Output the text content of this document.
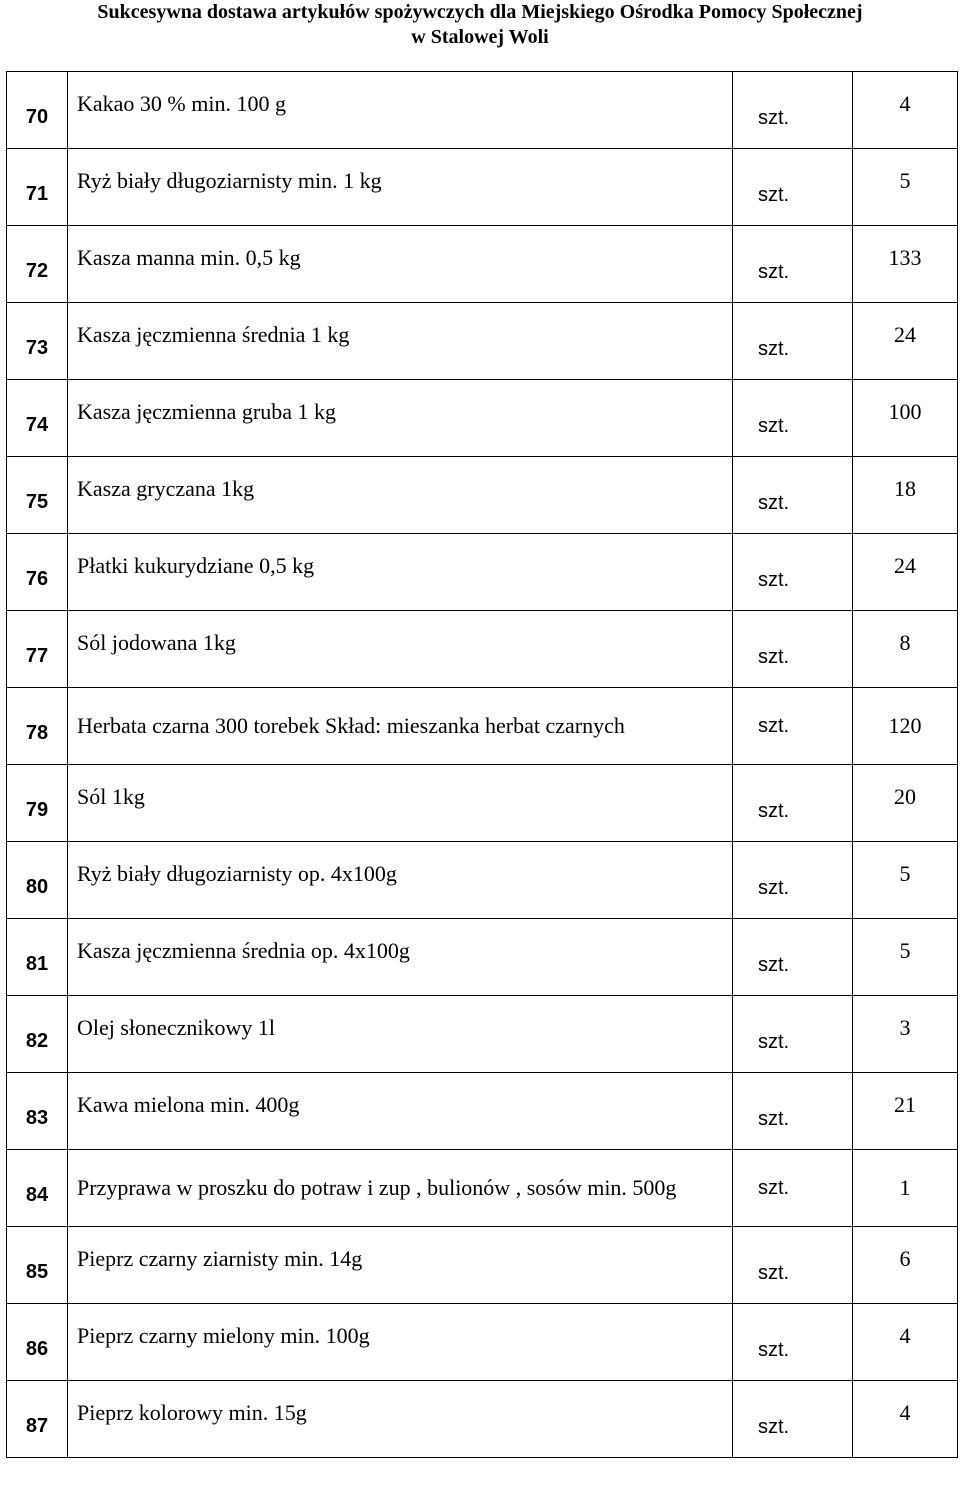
Sukcesywna dostawa artykułów spożywczych dla Miejskiego Ośrodka Pomocy Społecznej
w Stalowej Woli
70	Kakao 30 % min. 100 g	szt.	4
71	Ryż biały długoziarnisty min. 1 kg	szt.	5
72	Kasza manna min. 0,5 kg	szt.	133
73	Kasza jęczmienna średnia 1 kg	szt.	24
74	Kasza jęczmienna gruba 1 kg	szt.	100
75	Kasza gryczana 1kg	szt.	18
76	Płatki kukurydziane 0,5 kg	szt.	24
77	Sól jodowana 1kg	szt.	8
78	Herbata czarna 300 torebek Skład: mieszanka herbat czarnych	szt.	120
79	Sól 1kg	szt.	20
80	Ryż biały długoziarnisty op. 4x100g	szt.	5
81	Kasza jęczmienna średnia op. 4x100g	szt.	5
82	Olej słonecznikowy 1l	szt.	3
83	Kawa mielona min. 400g	szt.	21
84	Przyprawa w proszku do potraw i zup , bulionów , sosów min. 500g	szt.	1
85	Pieprz czarny ziarnisty min. 14g	szt.	6
86	Pieprz czarny mielony min. 100g	szt.	4
87	Pieprz kolorowy min. 15g	szt.	4
